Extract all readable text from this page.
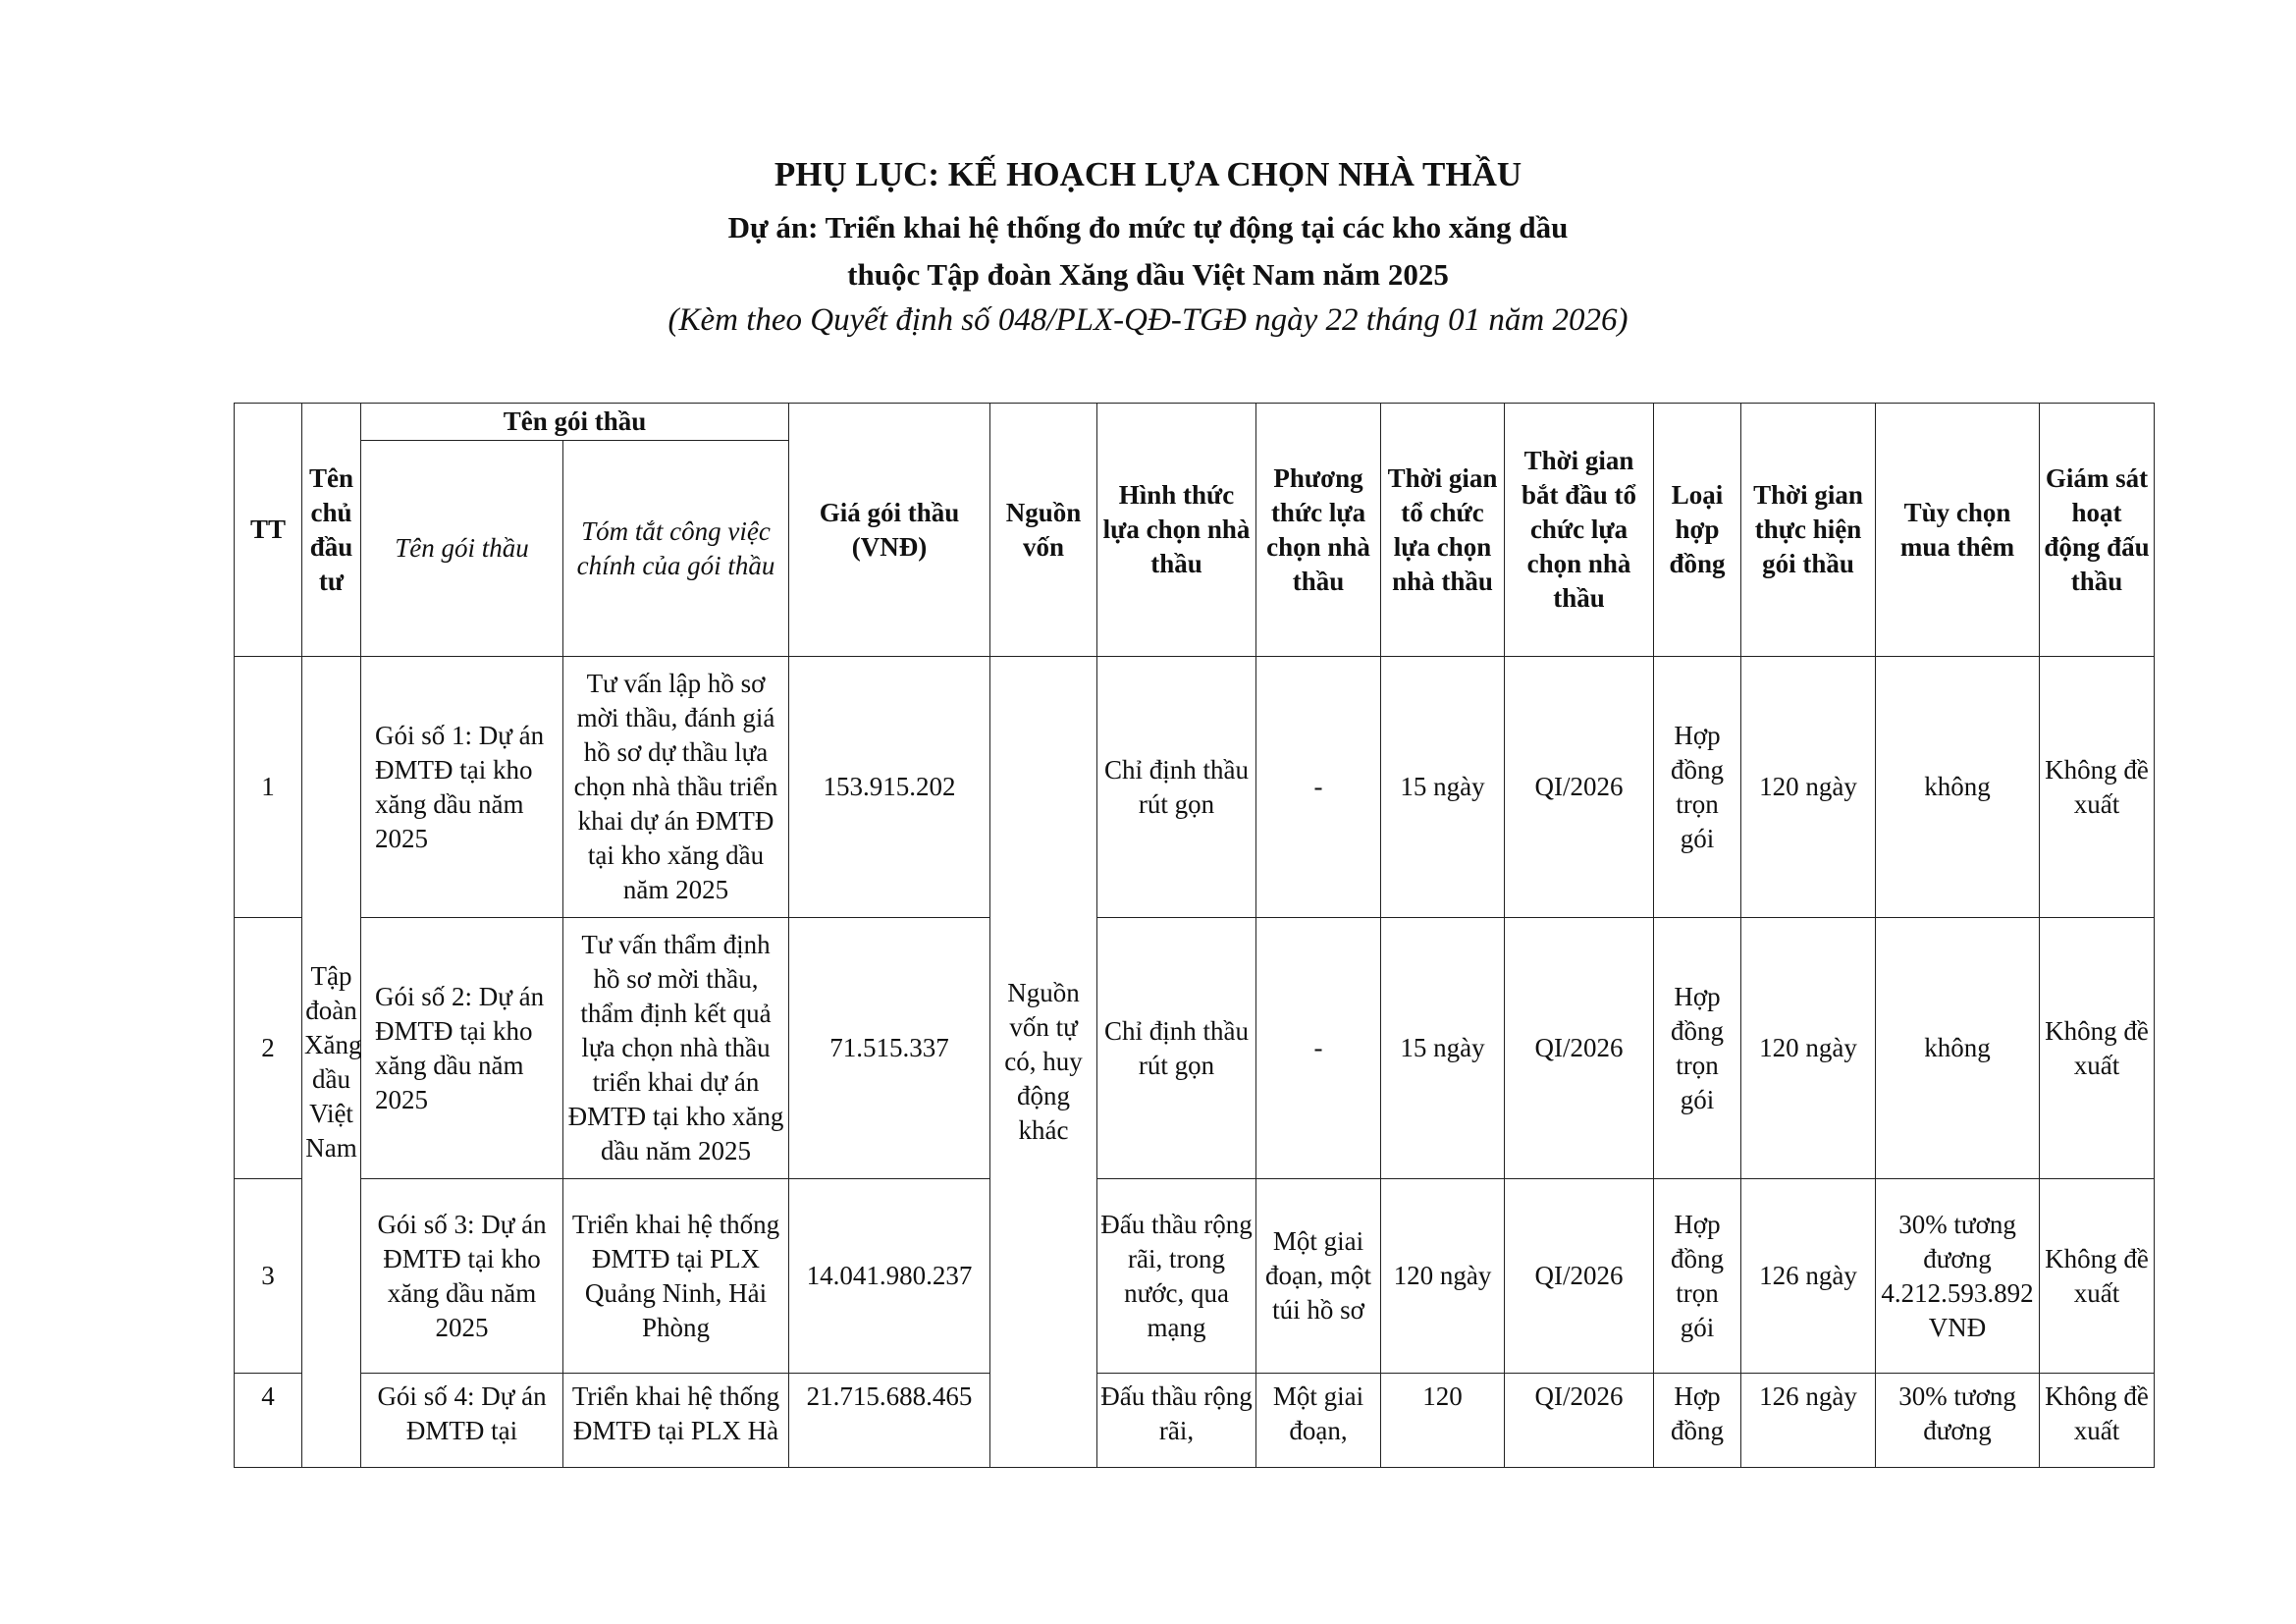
PHỤ LỤC: KẾ HOẠCH LỰA CHỌN NHÀ THẦU
Dự án: Triển khai hệ thống đo mức tự động tại các kho xăng dầu
thuộc Tập đoàn Xăng dầu Việt Nam năm 2025
(Kèm theo Quyết định số 048/PLX-QĐ-TGĐ ngày 22 tháng 01 năm 2026)
TT	Tên chủ đầu tư	Tên gói thầu		Giá gói thầu (VNĐ)	Nguồn vốn	Hình thức lựa chọn nhà thầu	Phương thức lựa chọn nhà thầu	Thời gian tổ chức lựa chọn nhà thầu	Thời gian bắt đầu tổ chức lựa chọn nhà thầu	Loại hợp đồng	Thời gian thực hiện gói thầu	Tùy chọn mua thêm	Giám sát hoạt động đấu thầu
		Tên gói thầu	Tóm tắt công việc chính của gói thầu										
1	Tập đoàn Xăng dầu Việt Nam	Gói số 1: Dự án ĐMTĐ tại kho xăng dầu năm 2025	Tư vấn lập hồ sơ mời thầu, đánh giá hồ sơ dự thầu lựa chọn nhà thầu triển khai dự án ĐMTĐ tại kho xăng dầu năm 2025	153.915.202	Nguồn vốn tự có, huy động khác	Chỉ định thầu rút gọn	-	15 ngày	QI/2026	Hợp đồng trọn gói	120 ngày	không	Không đề xuất
2		Gói số 2: Dự án ĐMTĐ tại kho xăng dầu năm 2025	Tư vấn thẩm định hồ sơ mời thầu, thẩm định kết quả lựa chọn nhà thầu triển khai dự án ĐMTĐ tại kho xăng dầu năm 2025	71.515.337		Chỉ định thầu rút gọn	-	15 ngày	QI/2026	Hợp đồng trọn gói	120 ngày	không	Không đề xuất
3		Gói số 3: Dự án ĐMTĐ tại kho xăng dầu năm 2025	Triển khai hệ thống ĐMTĐ tại PLX Quảng Ninh, Hải Phòng	14.041.980.237		Đấu thầu rộng rãi, trong nước, qua mạng	Một giai đoạn, một túi hồ sơ	120 ngày	QI/2026	Hợp đồng trọn gói	126 ngày	30% tương đương 4.212.593.892 VNĐ	Không đề xuất
4		Gói số 4: Dự án ĐMTĐ tại	Triển khai hệ thống ĐMTĐ tại PLX Hà	21.715.688.465		Đấu thầu rộng rãi,	Một giai đoạn,	120	QI/2026	Hợp đồng	126 ngày	30% tương đương	Không đề xuất
